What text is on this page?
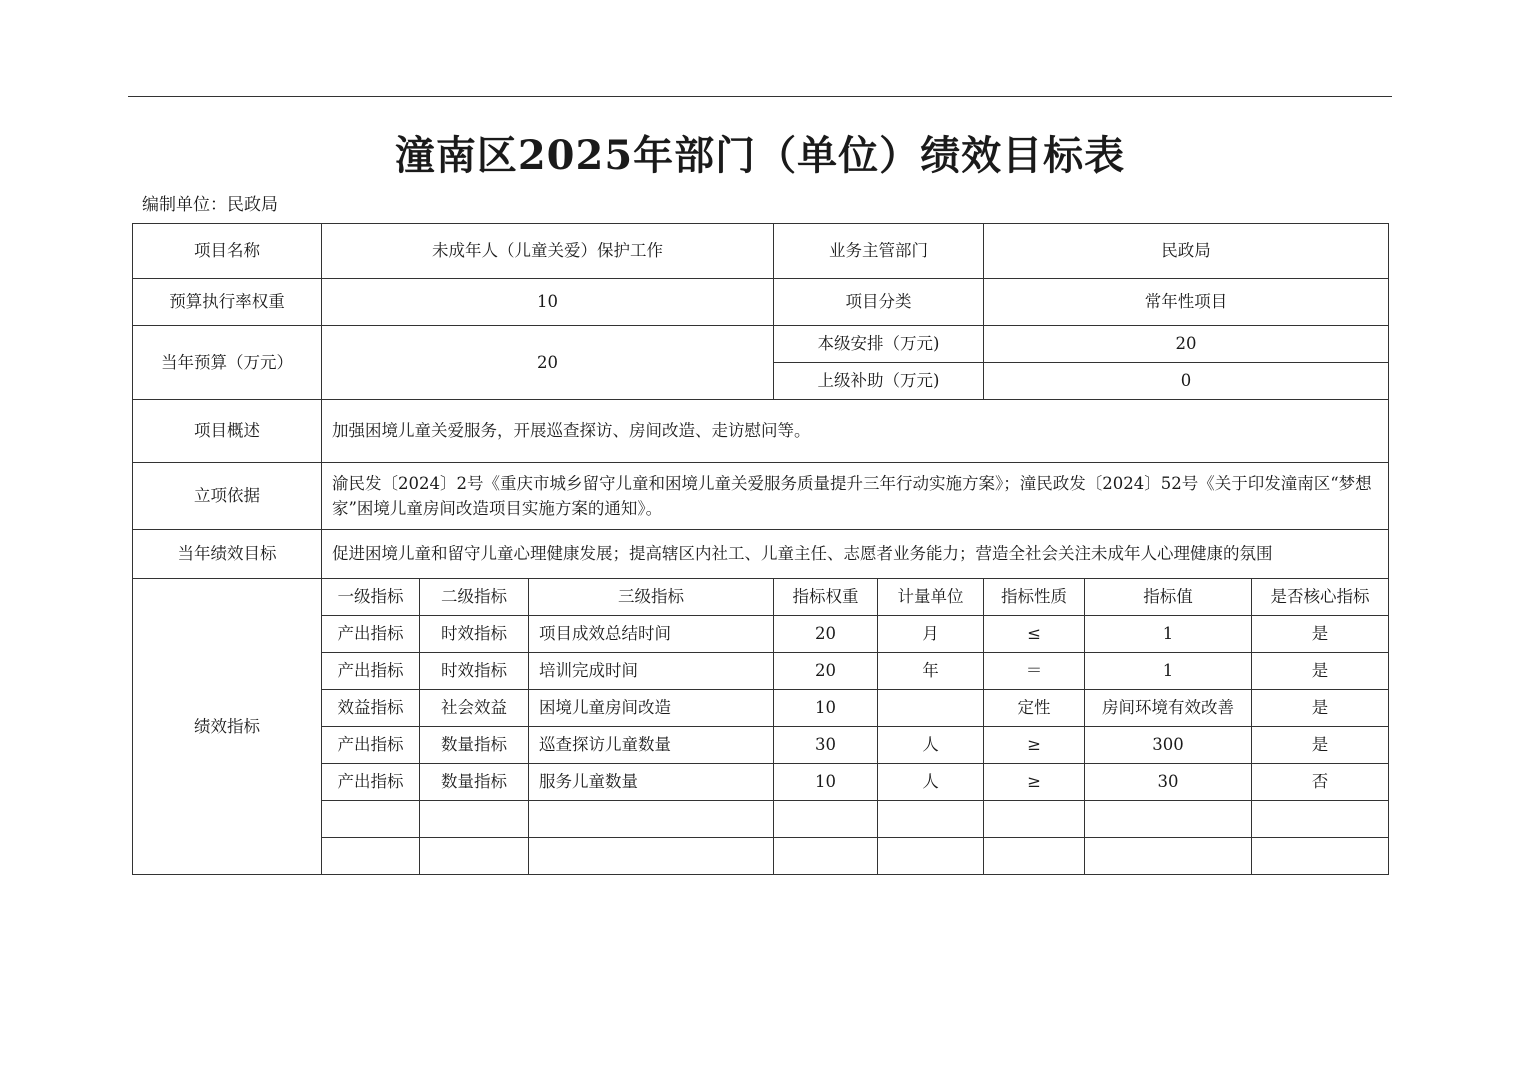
潼南区2025年部门（单位）绩效目标表
编制单位：民政局
项目名称	未成年人（儿童关爱）保护工作			业务主管部门		民政局		
预算执行率权重	10			项目分类		常年性项目		
当年预算（万元）	20			本级安排（万元)		20		
				上级补助（万元)		0		
项目概述	加强困境儿童关爱服务，开展巡查探访、房间改造、走访慰问等。							
立项依据	渝民发〔2024〕2号《重庆市城乡留守儿童和困境儿童关爱服务质量提升三年行动实施方案》；潼民政发〔2024〕52号《关于印发潼南区“梦想家”困境儿童房间改造项目实施方案的通知》。							
当年绩效目标	促进困境儿童和留守儿童心理健康发展；提高辖区内社工、儿童主任、志愿者业务能力；营造全社会关注未成年人心理健康的氛围							
绩效指标	一级指标	二级指标	三级指标	指标权重	计量单位	指标性质	指标值	是否核心指标
	产出指标	时效指标	项目成效总结时间	20	月	≤	1	是
	产出指标	时效指标	培训完成时间	20	年	＝	1	是
	效益指标	社会效益	困境儿童房间改造	10		定性	房间环境有效改善	是
	产出指标	数量指标	巡查探访儿童数量	30	人	≥	300	是
	产出指标	数量指标	服务儿童数量	10	人	≥	30	否
